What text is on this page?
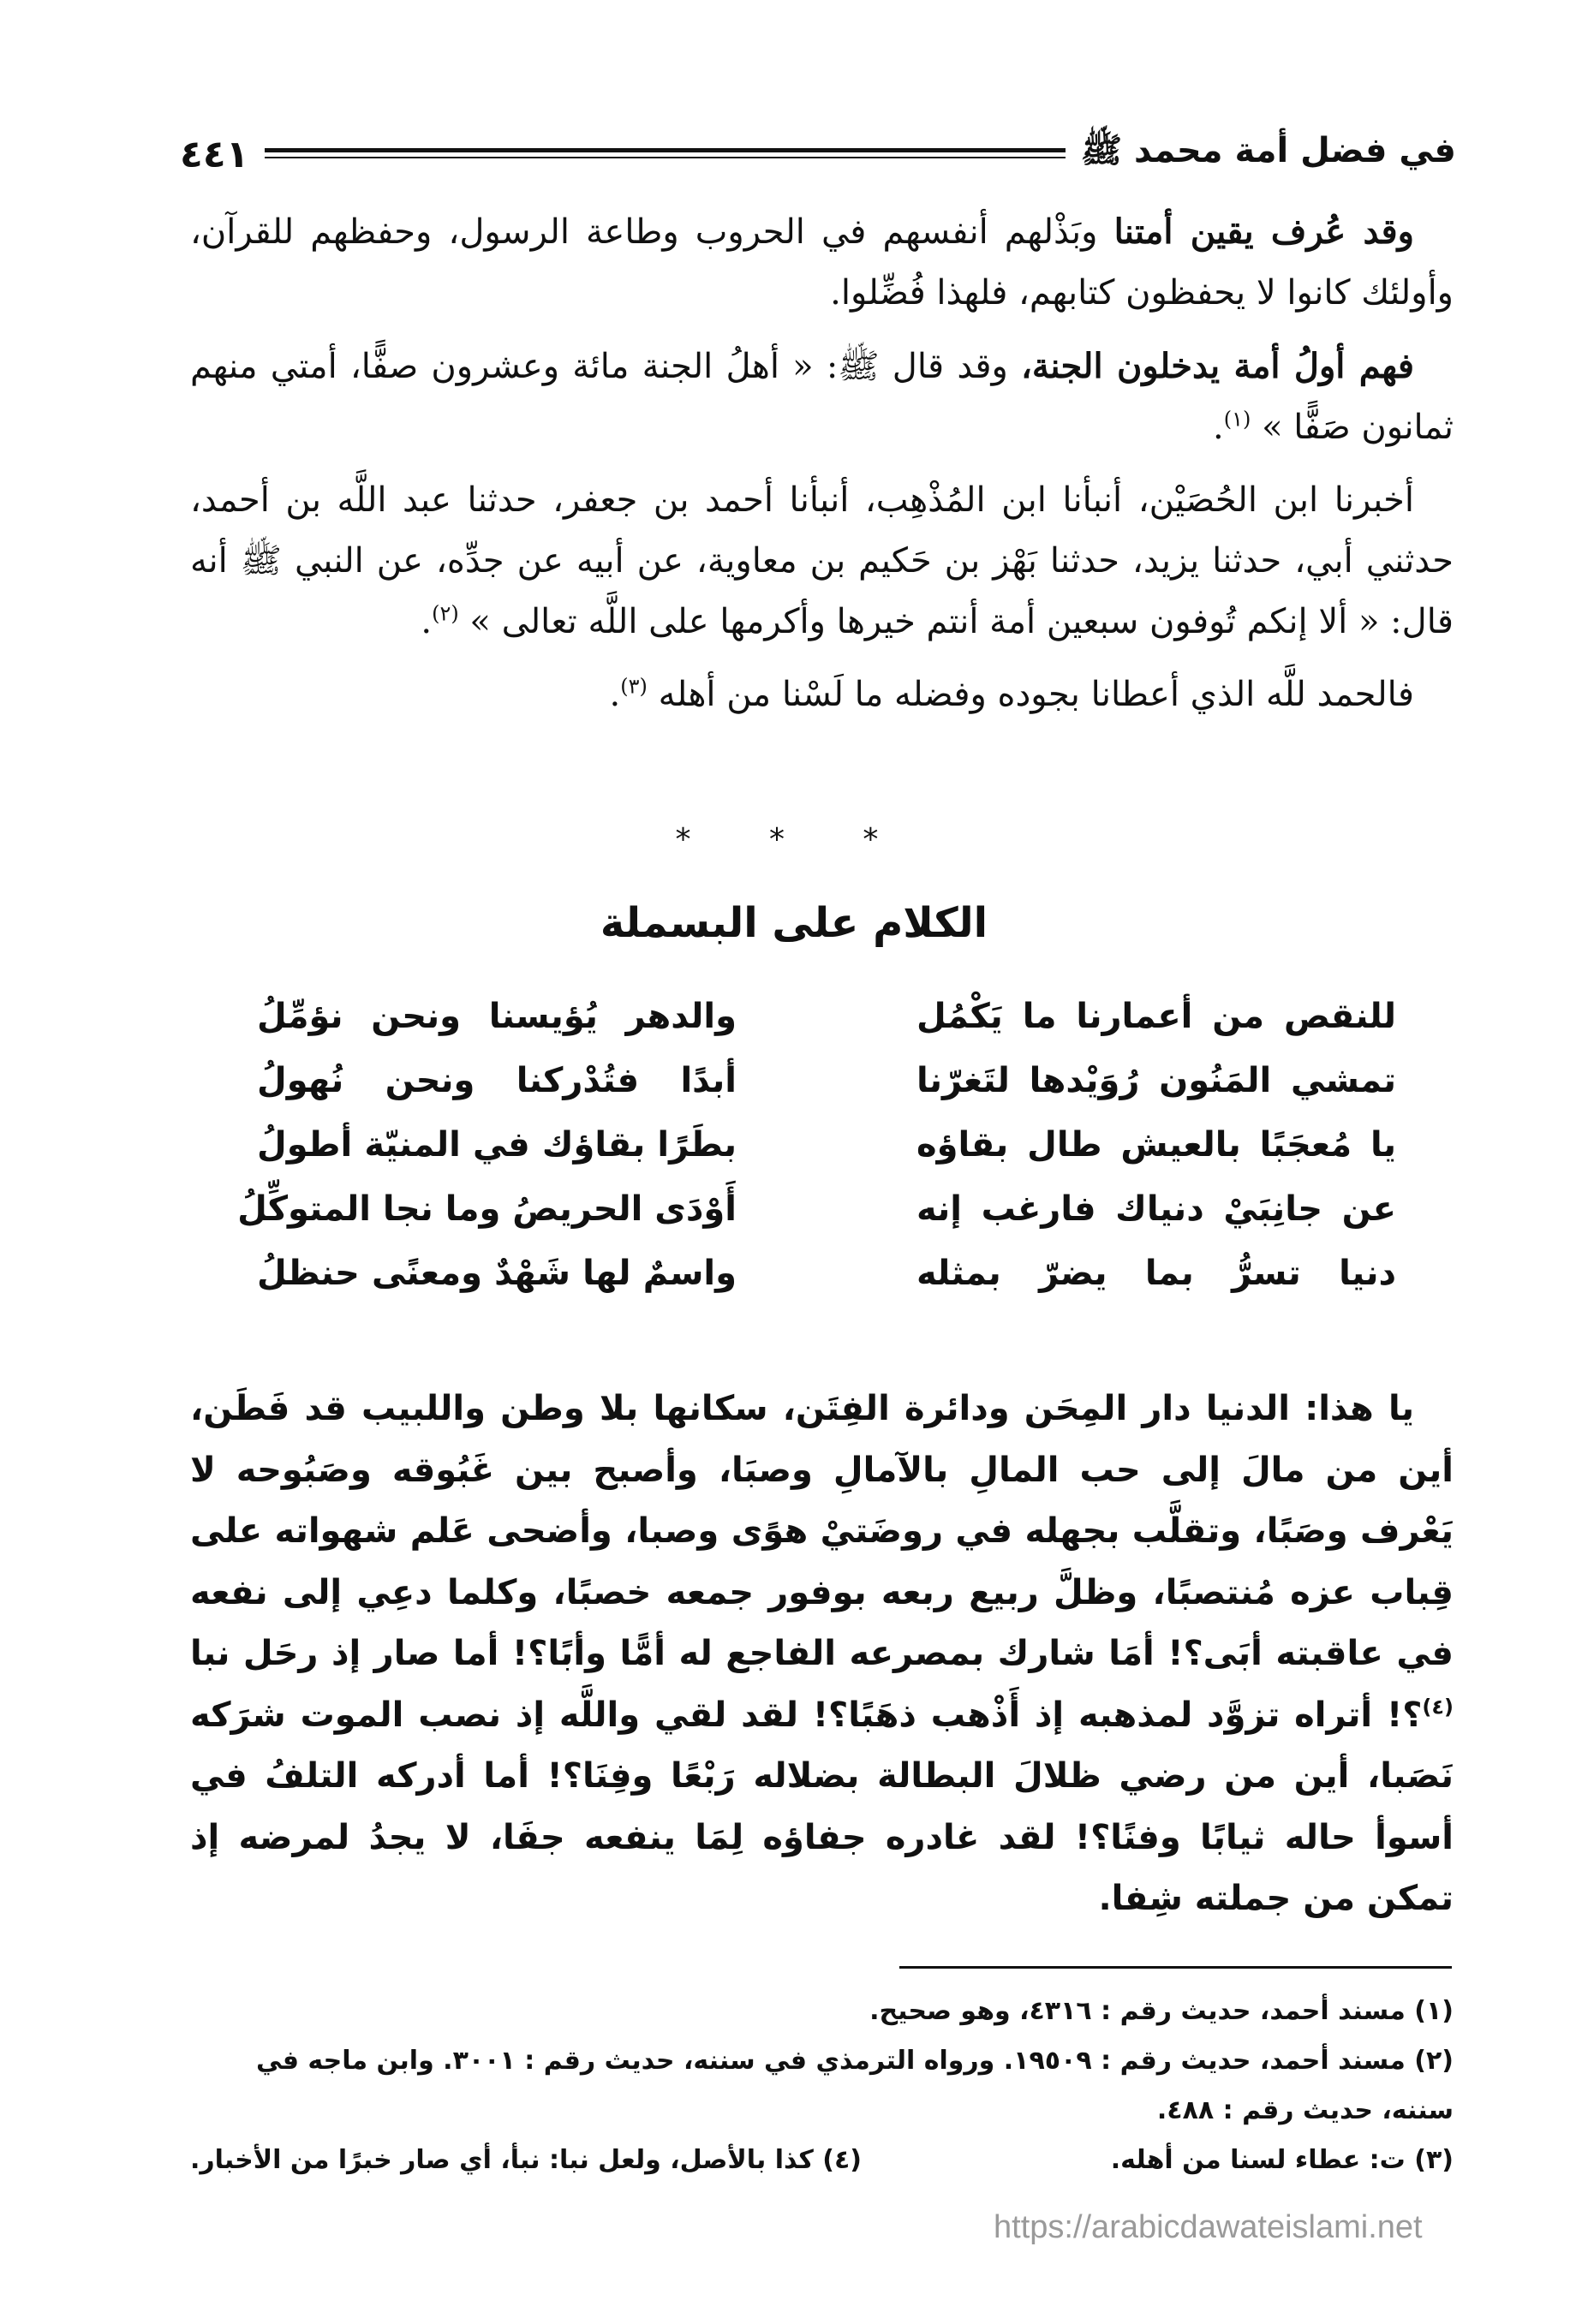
في فضل أمة محمد ﷺ
٤٤١

وقد عُرف يقين أمتنا وبَذْلهم أنفسهم في الحروب وطاعة الرسول، وحفظهم للقرآن، وأولئك كانوا لا يحفظون كتابهم، فلهذا فُضِّلوا.

فهم أولُ أمة يدخلون الجنة، وقد قال ﷺ: « أهلُ الجنة مائة وعشرون صفًّا، أمتي منهم ثمانون صَفًّا » $^{(١)}$.

أخبرنا ابن الحُصَيْن، أنبأنا ابن المُذْهِب، أنبأنا أحمد بن جعفر، حدثنا عبد اللَّه بن أحمد، حدثني أبي، حدثنا يزيد، حدثنا بَهْز بن حَكيم بن معاوية، عن أبيه عن جدِّه، عن النبي ﷺ أنه قال: « ألا إنكم تُوفون سبعين أمة أنتم خيرها وأكرمها على اللَّه تعالى » $^{(٢)}$.

فالحمد للَّه الذي أعطانا بجوده وفضله ما لَسْنا من أهله $^{(٣)}$.

* * *
الكلام على البسملة
للنقص من أعمارنا ما يَكْمُل
والدهر يُؤيسنا ونحن نؤمِّلُ
تمشي المَنُون رُوَيْدها لتَغرّنا
أبدًا فتُدْركنا ونحن نُهولُ
يا مُعجَبًا بالعيش طال بقاؤه
بطَرًا بقاؤك في المنيّة أطولُ
عن جانِبَيْ دنياك فارغب إنه
أَوْدَى الحريصُ وما نجا المتوكِّلُ
دنيا تسرُّ بما يضرّ بمثله
واسمٌ لها شَهْدٌ ومعنًى حنظلُ
يا هذا: الدنيا دار المِحَن ودائرة الفِتَن، سكانها بلا وطن واللبيب قد فَطَن، أين من مالَ إلى حب المالِ بالآمالِ وصبَا، وأصبح بين غَبُوقه وصَبُوحه لا يَعْرف وصَبًا، وتقلَّب بجهله في روضَتيْ هوًى وصبا، وأضحى عَلم شهواته على قِباب عزه مُنتصبًا، وظلَّ ربيع ربعه بوفور جمعه خصبًا، وكلما دعِي إلى نفعه في عاقبته أبَى؟! أمَا شارك بمصرعه الفاجع له أمًّا وأبًا؟! أما صار إذ رحَل نبا $^{(٤)}$؟! أتراه تزوَّد لمذهبه إذ أَذْهب ذهَبًا؟! لقد لقي واللَّه إذ نصب الموت شرَكه نَصَبا، أين من رضي ظلالَ البطالة بضلاله رَبْعًا وفِنَا؟! أما أدركه التلفُ في أسوأ حاله ثيابًا وفنًا؟! لقد غادره جفاؤه لِمَا ينفعه جفَا، لا يجدُ لمرضه إذ تمكن من جملته شِفا.

(١) مسند أحمد، حديث رقم : ٤٣١٦، وهو صحيح.

(٢) مسند أحمد، حديث رقم : ١٩٥٠٩. ورواه الترمذي في سننه، حديث رقم : ٣٠٠١. وابن ماجه في سننه، حديث رقم : ٤٨٨.

(٣) ت: عطاء لسنا من أهله.

(٤) كذا بالأصل، ولعل نبا: نبأ، أي صار خبرًا من الأخبار.

https://arabicdawateislami.net
